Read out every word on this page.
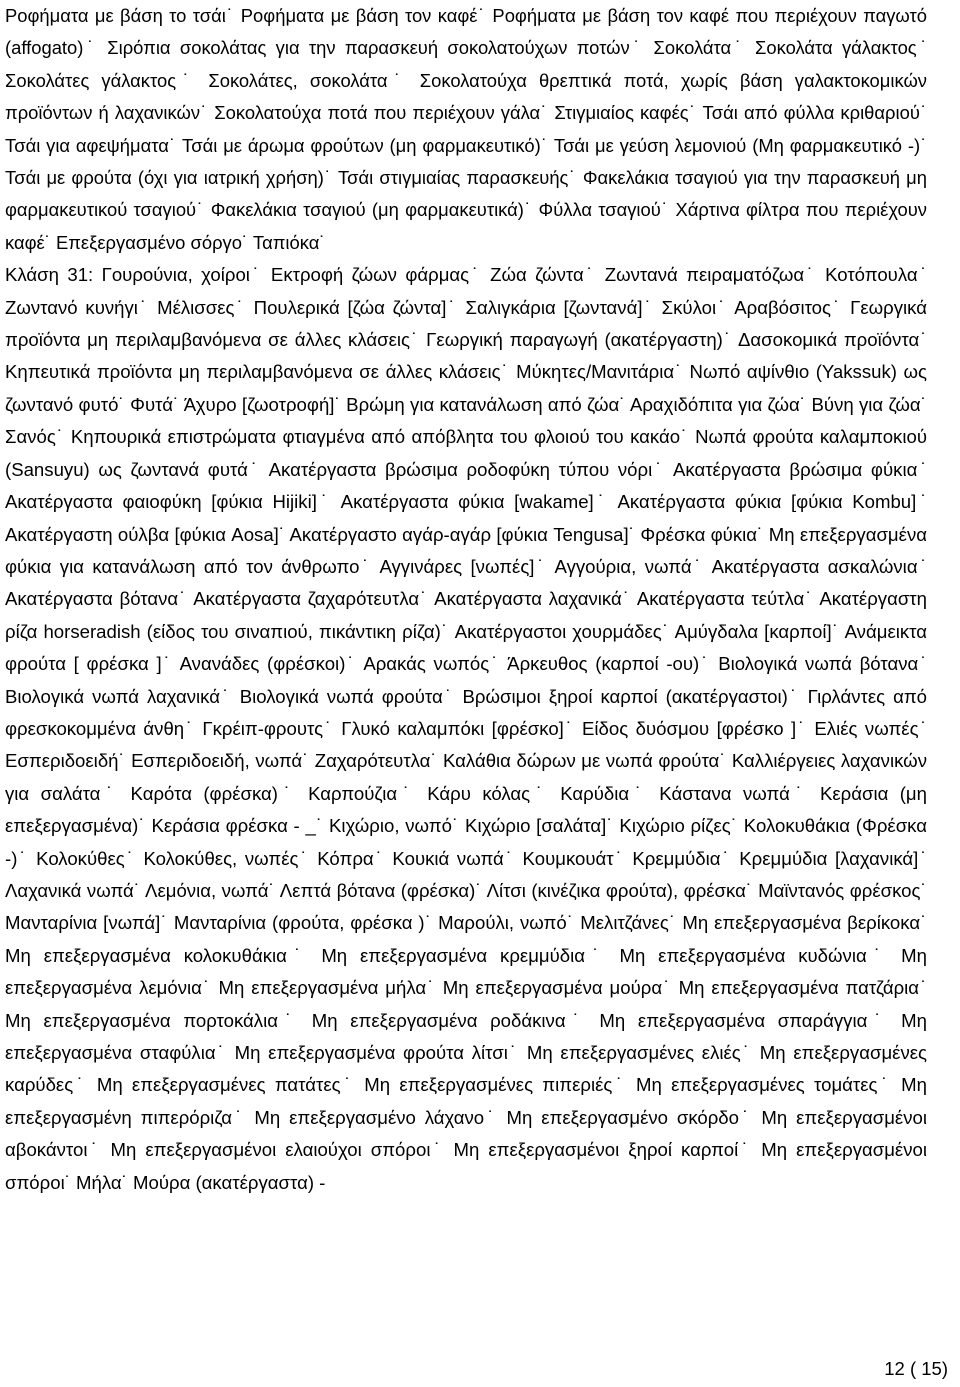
Ροφήματα με βάση το τσάι˙ Ροφήματα με βάση τον καφέ˙ Ροφήματα με βάση τον καφέ που περιέχουν παγωτό (affogato)˙ Σιρόπια σοκολάτας για την παρασκευή σοκολατούχων ποτών˙ Σοκολάτα˙ Σοκολάτα γάλακτος˙ Σοκολάτες γάλακτος˙ Σοκολάτες, σοκολάτα˙ Σοκολατούχα θρεπτικά ποτά, χωρίς βάση γαλακτοκομικών προϊόντων ή λαχανικών˙ Σοκολατούχα ποτά που περιέχουν γάλα˙ Στιγμιαίος καφές˙ Τσάι από φύλλα κριθαριού˙ Τσάι για αφεψήματα˙ Τσάι με άρωμα φρούτων (μη φαρμακευτικό)˙ Τσάι με γεύση λεμονιού (Μη φαρμακευτικό -)˙ Τσάι με φρούτα (όχι για ιατρική χρήση)˙ Τσάι στιγμιαίας παρασκευής˙ Φακελάκια τσαγιού για την παρασκευή μη φαρμακευτικού τσαγιού˙ Φακελάκια τσαγιού (μη φαρμακευτικά)˙ Φύλλα τσαγιού˙ Χάρτινα φίλτρα που περιέχουν καφέ˙ Επεξεργασμένο σόργο˙ Ταπιόκα˙

Κλάση 31: Γουρούνια, χοίροι˙ Εκτροφή ζώων φάρμας˙ Ζώα ζώντα˙ Ζωντανά πειραματόζωα˙ Κοτόπουλα˙ Ζωντανό κυνήγι˙ Μέλισσες˙ Πουλερικά [ζώα ζώντα]˙ Σαλιγκάρια [ζωντανά]˙ Σκύλοι˙ Αραβόσιτος˙ Γεωργικά προϊόντα μη περιλαμβανόμενα σε άλλες κλάσεις˙ Γεωργική παραγωγή (ακατέργαστη)˙ Δασοκομικά προϊόντα˙ Κηπευτικά προϊόντα μη περιλαμβανόμενα σε άλλες κλάσεις˙ Μύκητες/Μανιτάρια˙ Νωπό αψίνθιο (Yakssuk) ως ζωντανό φυτό˙ Φυτά˙ Άχυρο [ζωοτροφή]˙ Βρώμη για κατανάλωση από ζώα˙ Αραχιδόπιτα για ζώα˙ Βύνη για ζώα˙ Σανός˙ Κηπουρικά επιστρώματα φτιαγμένα από απόβλητα του φλοιού του κακάο˙ Νωπά φρούτα καλαμποκιού (Sansuyu) ως ζωντανά φυτά˙ Ακατέργαστα βρώσιμα ροδοφύκη τύπου νόρι˙ Ακατέργαστα βρώσιμα φύκια˙ Ακατέργαστα φαιοφύκη [φύκια Hijiki]˙ Ακατέργαστα φύκια [wakame]˙ Ακατέργαστα φύκια [φύκια Kombu]˙ Ακατέργαστη ούλβα [φύκια Aosa]˙ Ακατέργαστο αγάρ-αγάρ [φύκια Tengusa]˙ Φρέσκα φύκια˙ Μη επεξεργασμένα φύκια για κατανάλωση από τον άνθρωπο˙ Αγγινάρες [νωπές]˙ Αγγούρια, νωπά˙ Ακατέργαστα ασκαλώνια˙ Ακατέργαστα βότανα˙ Ακατέργαστα ζαχαρότευτλα˙ Ακατέργαστα λαχανικά˙ Ακατέργαστα τεύτλα˙ Ακατέργαστη ρίζα horseradish (είδος του σιναπιού, πικάντικη ρίζα)˙ Ακατέργαστοι χουρμάδες˙ Αμύγδαλα [καρποί]˙ Ανάμεικτα φρούτα [ φρέσκα ]˙ Ανανάδες (φρέσκοι)˙ Αρακάς νωπός˙ Άρκευθος (καρποί -ου)˙ Βιολογικά νωπά βότανα˙ Βιολογικά νωπά λαχανικά˙ Βιολογικά νωπά φρούτα˙ Βρώσιμοι ξηροί καρποί (ακατέργαστοι)˙ Γιρλάντες από φρεσκοκομμένα άνθη˙ Γκρέιπ-φρουτς˙ Γλυκό καλαμπόκι [φρέσκο]˙ Είδος δυόσμου [φρέσκο ]˙ Ελιές νωπές˙ Εσπεριδοειδή˙ Εσπεριδοειδή, νωπά˙ Ζαχαρότευτλα˙ Καλάθια δώρων με νωπά φρούτα˙ Καλλιέργειες λαχανικών για σαλάτα˙ Καρότα (φρέσκα)˙ Καρπούζια˙ Κάρυ κόλας˙ Καρύδια˙ Κάστανα νωπά˙ Κεράσια (μη επεξεργασμένα)˙ Κεράσια φρέσκα - _˙ Κιχώριο, νωπό˙ Κιχώριο [σαλάτα]˙ Κιχώριο ρίζες˙ Κολοκυθάκια (Φρέσκα -)˙ Κολοκύθες˙ Κολοκύθες, νωπές˙ Κόπρα˙ Κουκιά νωπά˙ Κουμκουάτ˙ Κρεμμύδια˙ Κρεμμύδια [λαχανικά]˙ Λαχανικά νωπά˙ Λεμόνια, νωπά˙ Λεπτά βότανα (φρέσκα)˙ Λίτσι (κινέζικα φρούτα), φρέσκα˙ Μαϊντανός φρέσκος˙ Μανταρίνια [νωπά]˙ Μανταρίνια (φρούτα, φρέσκα )˙ Μαρούλι, νωπό˙ Μελιτζάνες˙ Μη επεξεργασμένα βερίκοκα˙ Μη επεξεργασμένα κολοκυθάκια˙ Μη επεξεργασμένα κρεμμύδια˙ Μη επεξεργασμένα κυδώνια˙ Μη επεξεργασμένα λεμόνια˙ Μη επεξεργασμένα μήλα˙ Μη επεξεργασμένα μούρα˙ Μη επεξεργασμένα πατζάρια˙ Μη επεξεργασμένα πορτοκάλια˙ Μη επεξεργασμένα ροδάκινα˙ Μη επεξεργασμένα σπαράγγια˙ Μη επεξεργασμένα σταφύλια˙ Μη επεξεργασμένα φρούτα λίτσι˙ Μη επεξεργασμένες ελιές˙ Μη επεξεργασμένες καρύδες˙ Μη επεξεργασμένες πατάτες˙ Μη επεξεργασμένες πιπεριές˙ Μη επεξεργασμένες τομάτες˙ Μη επεξεργασμένη πιπερόριζα˙ Μη επεξεργασμένο λάχανο˙ Μη επεξεργασμένο σκόρδο˙ Μη επεξεργασμένοι αβοκάντοι˙ Μη επεξεργασμένοι ελαιούχοι σπόροι˙ Μη επεξεργασμένοι ξηροί καρποί˙ Μη επεξεργασμένοι σπόροι˙ Μήλα˙ Μούρα (ακατέργαστα) -

12 ( 15)
